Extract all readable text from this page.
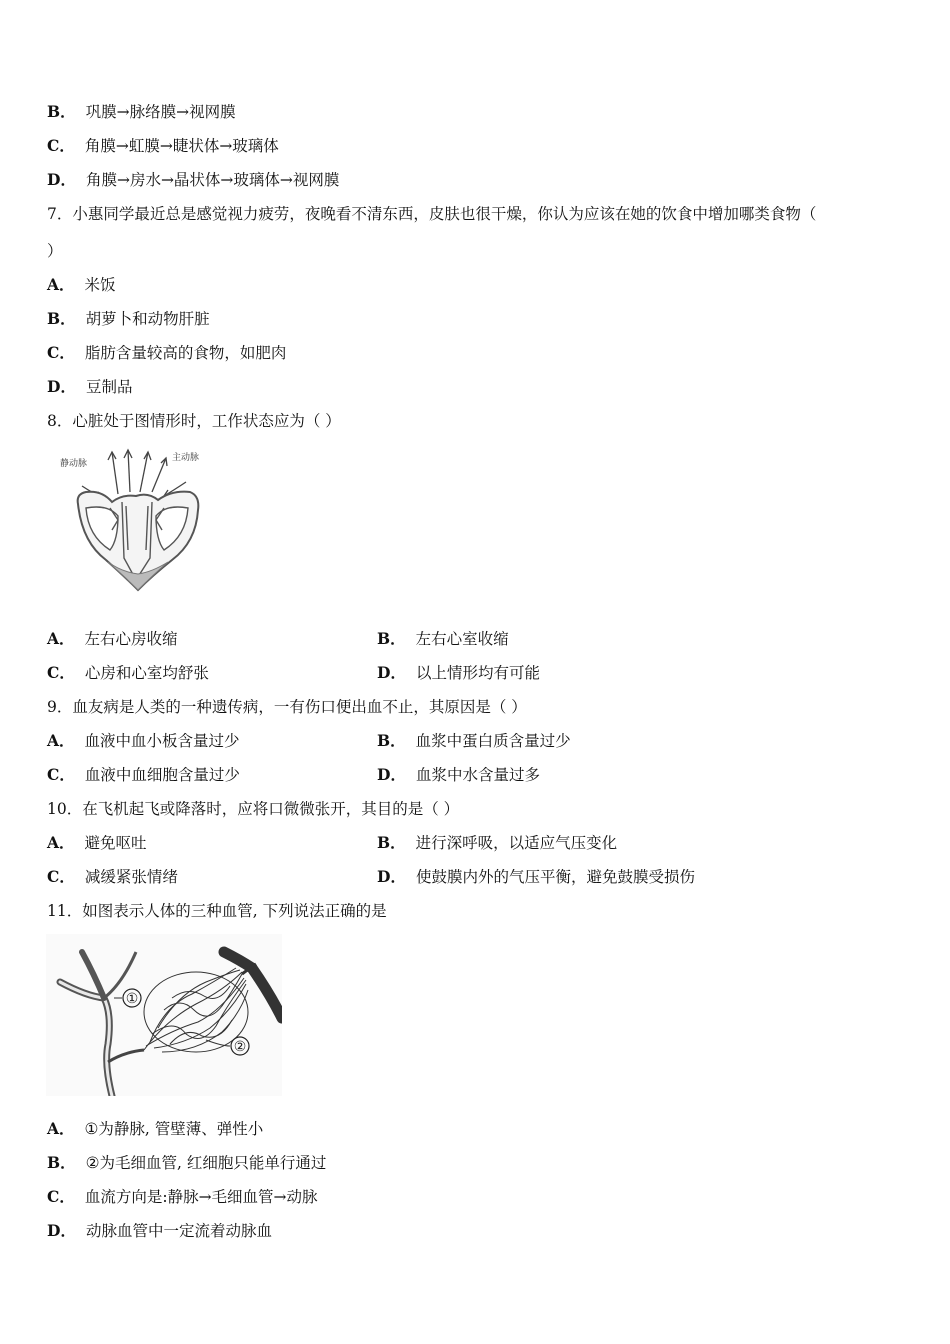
B． 巩膜→脉络膜→视网膜
C． 角膜→虹膜→睫状体→玻璃体
D． 角膜→房水→晶状体→玻璃体→视网膜
7．小惠同学最近总是感觉视力疲劳，夜晚看不清东西，皮肤也很干燥，你认为应该在她的饮食中增加哪类食物（
）
A． 米饭
B． 胡萝卜和动物肝脏
C． 脂肪含量较高的食物，如肥肉
D． 豆制品
8．心脏处于图情形时，工作状态应为（ ）
静动脉
主动脉
A． 左右心房收缩	B． 左右心室收缩
C． 心房和心室均舒张	D． 以上情形均有可能
9．血友病是人类的一种遗传病，一有伤口便出血不止，其原因是（ ）
A． 血液中血小板含量过少	B． 血浆中蛋白质含量过少
C． 血液中血细胞含量过少	D． 血浆中水含量过多
10．在飞机起飞或降落时，应将口微微张开，其目的是（ ）
A． 避免呕吐	B． 进行深呼吸，以适应气压变化
C． 减缓紧张情绪	D． 使鼓膜内外的气压平衡，避免鼓膜受损伤
11．如图表示人体的三种血管, 下列说法正确的是
①
②
A． ①为静脉, 管壁薄、弹性小
B． ②为毛细血管, 红细胞只能单行通过
C． 血流方向是:静脉→毛细血管→动脉
D． 动脉血管中一定流着动脉血
